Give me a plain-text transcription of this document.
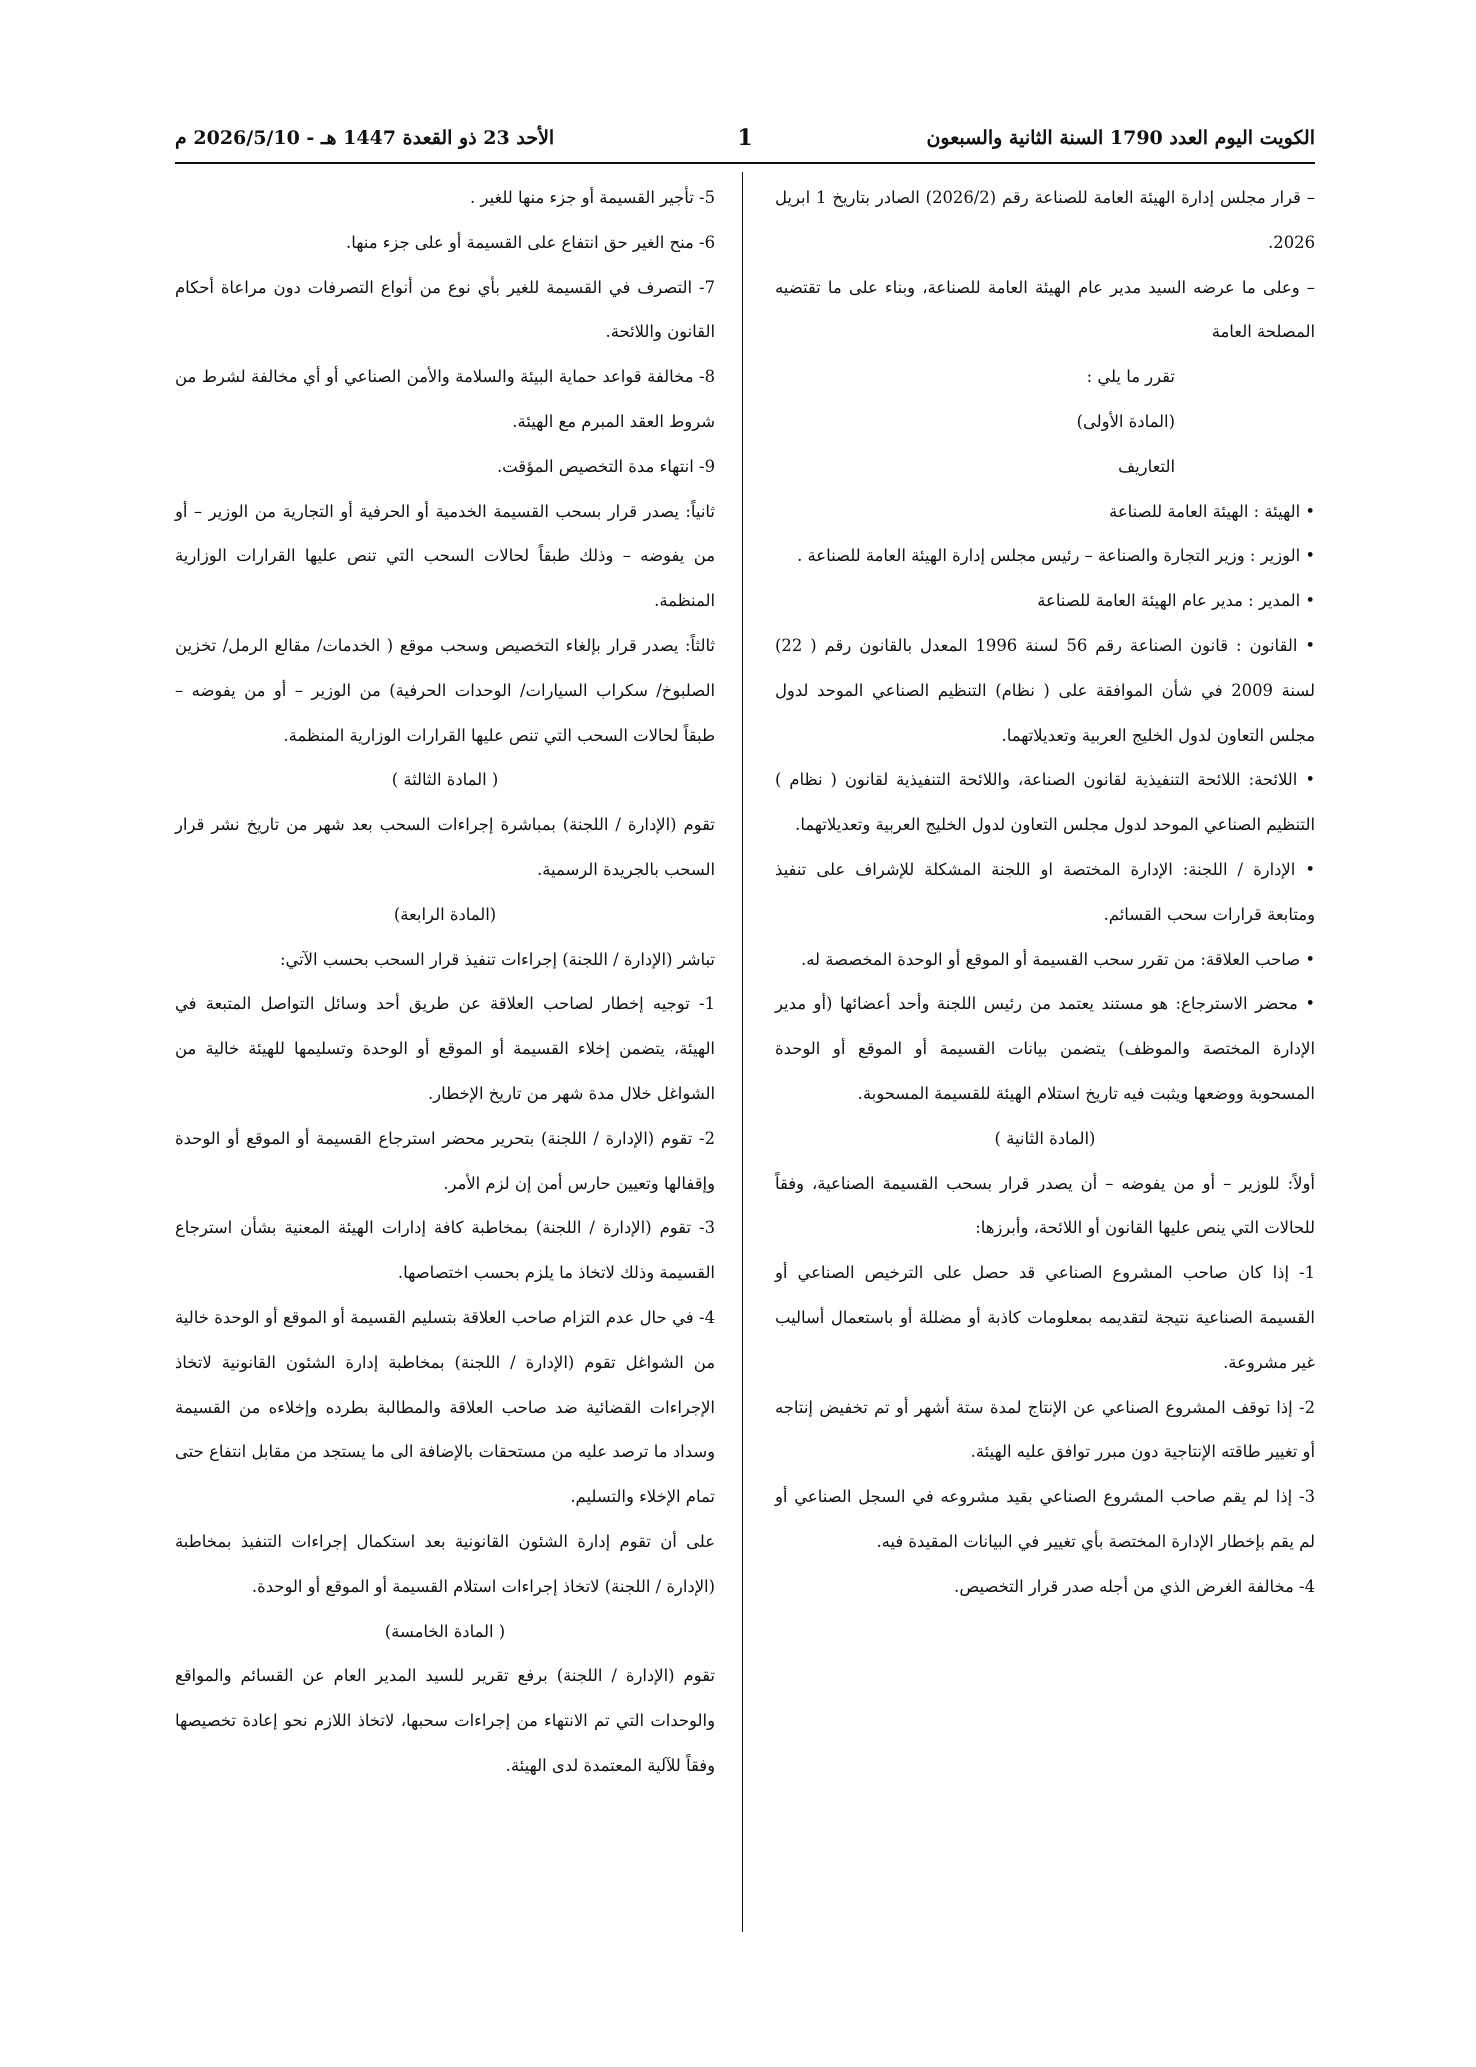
الأحد 23 ذو القعدة 1447 هـ - 2026/5/10 م	1	الكويت اليوم العدد 1790 السنة الثانية والسبعون

– قرار مجلس إدارة الهيئة العامة للصناعة رقم (2026/2) الصادر بتاريخ 1 ابريل 2026.

– وعلى ما عرضه السيد مدير عام الهيئة العامة للصناعة، وبناء على ما تقتضيه المصلحة العامة

تقرر ما يلي :

(المادة الأولى)

التعاريف

• الهيئة : الهيئة العامة للصناعة

• الوزير : وزير التجارة والصناعة – رئيس مجلس إدارة الهيئة العامة للصناعة .

• المدير : مدير عام الهيئة العامة للصناعة

• القانون : قانون الصناعة رقم 56 لسنة 1996 المعدل بالقانون رقم ( 22) لسنة 2009 في شأن الموافقة على ( نظام) التنظيم الصناعي الموحد لدول مجلس التعاون لدول الخليج العربية وتعديلاتهما.

• اللائحة: اللائحة التنفيذية لقانون الصناعة، واللائحة التنفيذية لقانون ( نظام ) التنظيم الصناعي الموحد لدول مجلس التعاون لدول الخليج العربية وتعديلاتهما.

• الإدارة / اللجنة: الإدارة المختصة او اللجنة المشكلة للإشراف على تنفيذ ومتابعة قرارات سحب القسائم.

• صاحب العلاقة: من تقرر سحب القسيمة أو الموقع أو الوحدة المخصصة له.

• محضر الاسترجاع: هو مستند يعتمد من رئيس اللجنة وأحد أعضائها (أو مدير الإدارة المختصة والموظف) يتضمن بيانات القسيمة أو الموقع أو الوحدة المسحوبة ووضعها ويثبت فيه تاريخ استلام الهيئة للقسيمة المسحوبة.

(المادة الثانية )

أولاً: للوزير – أو من يفوضه – أن يصدر قرار بسحب القسيمة الصناعية، وفقاً للحالات التي ينص عليها القانون أو اللائحة، وأبرزها:

1- إذا كان صاحب المشروع الصناعي قد حصل على الترخيص الصناعي أو القسيمة الصناعية نتيجة لتقديمه بمعلومات كاذبة أو مضللة أو باستعمال أساليب غير مشروعة.

2- إذا توقف المشروع الصناعي عن الإنتاج لمدة ستة أشهر أو تم تخفيض إنتاجه أو تغيير طاقته الإنتاجية دون مبرر توافق عليه الهيئة.

3- إذا لم يقم صاحب المشروع الصناعي بقيد مشروعه في السجل الصناعي أو لم يقم بإخطار الإدارة المختصة بأي تغيير في البيانات المقيدة فيه.

4- مخالفة الغرض الذي من أجله صدر قرار التخصيص.

5- تأجير القسيمة أو جزء منها للغير .

6- منح الغير حق انتفاع على القسيمة أو على جزء منها.

7- التصرف في القسيمة للغير بأي نوع من أنواع التصرفات دون مراعاة أحكام القانون واللائحة.

8- مخالفة قواعد حماية البيئة والسلامة والأمن الصناعي أو أي مخالفة لشرط من شروط العقد المبرم مع الهيئة.

9- انتهاء مدة التخصيص المؤقت.

ثانياً: يصدر قرار بسحب القسيمة الخدمية أو الحرفية أو التجارية من الوزير – أو من يفوضه – وذلك طبقاً لحالات السحب التي تنص عليها القرارات الوزارية المنظمة.

ثالثاً: يصدر قرار بإلغاء التخصيص وسحب موقع ( الخدمات/ مقالع الرمل/ تخزين الصلبوخ/ سكراب السيارات/ الوحدات الحرفية) من الوزير – أو من يفوضه – طبقاً لحالات السحب التي تنص عليها القرارات الوزارية المنظمة.

( المادة الثالثة )

تقوم (الإدارة / اللجنة) بمباشرة إجراءات السحب بعد شهر من تاريخ نشر قرار السحب بالجريدة الرسمية.

(المادة الرابعة)

تباشر (الإدارة / اللجنة) إجراءات تنفيذ قرار السحب بحسب الآتي:

1- توجيه إخطار لصاحب العلاقة عن طريق أحد وسائل التواصل المتبعة في الهيئة، يتضمن إخلاء القسيمة أو الموقع أو الوحدة وتسليمها للهيئة خالية من الشواغل خلال مدة شهر من تاريخ الإخطار.

2- تقوم (الإدارة / اللجنة) بتحرير محضر استرجاع القسيمة أو الموقع أو الوحدة وإقفالها وتعيين حارس أمن إن لزم الأمر.

3- تقوم (الإدارة / اللجنة) بمخاطبة كافة إدارات الهيئة المعنية بشأن استرجاع القسيمة وذلك لاتخاذ ما يلزم بحسب اختصاصها.

4- في حال عدم التزام صاحب العلاقة بتسليم القسيمة أو الموقع أو الوحدة خالية من الشواغل تقوم (الإدارة / اللجنة) بمخاطبة إدارة الشئون القانونية لاتخاذ الإجراءات القضائية ضد صاحب العلاقة والمطالبة بطرده وإخلاءه من القسيمة وسداد ما ترصد عليه من مستحقات بالإضافة الى ما يستجد من مقابل انتفاع حتى تمام الإخلاء والتسليم.

على أن تقوم إدارة الشئون القانونية بعد استكمال إجراءات التنفيذ بمخاطبة (الإدارة / اللجنة) لاتخاذ إجراءات استلام القسيمة أو الموقع أو الوحدة.

( المادة الخامسة)

تقوم (الإدارة / اللجنة) برفع تقرير للسيد المدير العام عن القسائم والمواقع والوحدات التي تم الانتهاء من إجراءات سحبها، لاتخاذ اللازم نحو إعادة تخصيصها وفقاً للآلية المعتمدة لدى الهيئة.
